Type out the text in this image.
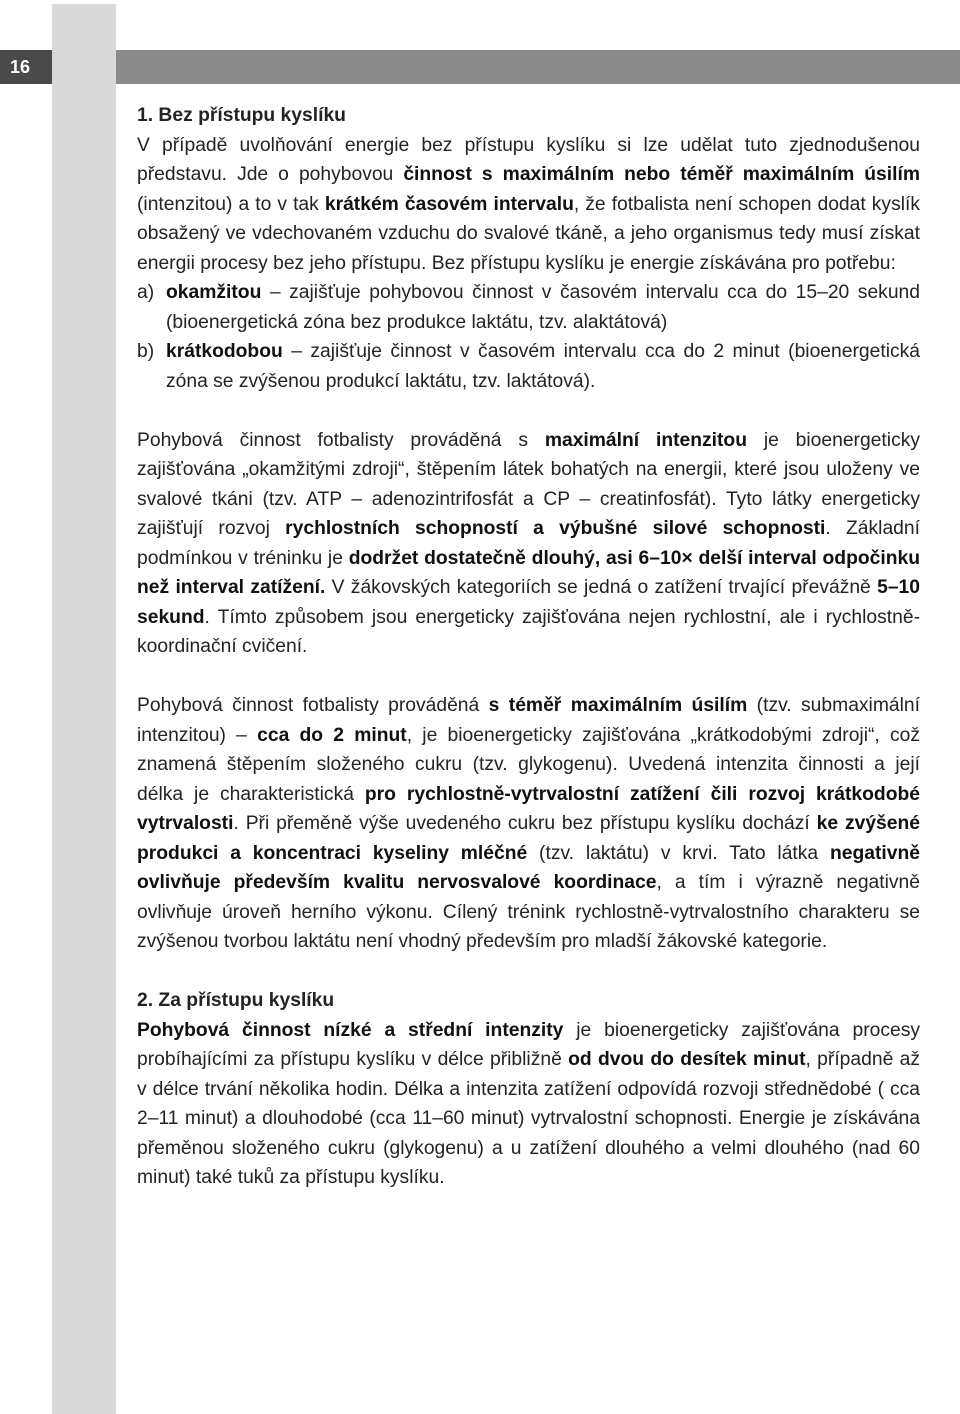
16
1. Bez přístupu kyslíku

V případě uvolňování energie bez přístupu kyslíku si lze udělat tuto zjednodušenou představu. Jde o pohybovou činnost s maximálním nebo téměř maximálním úsilím (intenzitou) a to v tak krátkém časovém intervalu, že fotbalista není schopen dodat kyslík obsažený ve vdechovaném vzduchu do svalové tkáně, a jeho organismus tedy musí získat energii procesy bez jeho přístupu. Bez přístupu kyslíku je energie získávána pro potřebu:

a) okamžitou – zajišťuje pohybovou činnost v časovém intervalu cca do 15–20 sekund (bioenergetická zóna bez produkce laktátu, tzv. alaktátová)
b) krátkodobou – zajišťuje činnost v časovém intervalu cca do 2 minut (bioenergetická zóna se zvýšenou produkcí laktátu, tzv. laktátová).

Pohybová činnost fotbalisty prováděná s maximální intenzitou je bioenergeticky zajišťována „okamžitými zdroji“, štěpením látek bohatých na energii, které jsou uloženy ve svalové tkáni (tzv. ATP – adenozintrifosfát a CP – creatinfosfát). Tyto látky energeticky zajišťují rozvoj rychlostních schopností a výbušné silové schopnosti. Základní podmínkou v tréninku je dodržet dostatečně dlouhý, asi 6–10× delší interval odpočinku než interval zatížení. V žákovských kategoriích se jedná o zatížení trvající převážně 5–10 sekund. Tímto způsobem jsou energeticky zajišťována nejen rychlostní, ale i rychlostně-koordinační cvičení.

Pohybová činnost fotbalisty prováděná s téměř maximálním úsilím (tzv. submaximální intenzitou) – cca do 2 minut, je bioenergeticky zajišťována „krátkodobými zdroji“, což znamená štěpením složeného cukru (tzv. glykogenu). Uvedená intenzita činnosti a její délka je charakteristická pro rychlostně-vytrvalostní zatížení čili rozvoj krátkodobé vytrvalosti. Při přeměně výše uvedeného cukru bez přístupu kyslíku dochází ke zvýšené produkci a koncentraci kyseliny mléčné (tzv. laktátu) v krvi. Tato látka negativně ovlivňuje především kvalitu nervosvalové koordinace, a tím i výrazně negativně ovlivňuje úroveň herního výkonu. Cílený trénink rychlostně-vytrvalostního charakteru se zvýšenou tvorbou laktátu není vhodný především pro mladší žákovské kategorie.

2. Za přístupu kyslíku

Pohybová činnost nízké a střední intenzity je bioenergeticky zajišťována procesy probíhajícími za přístupu kyslíku v délce přibližně od dvou do desítek minut, případně až v délce trvání několika hodin. Délka a intenzita zatížení odpovídá rozvoji střednědobé ( cca 2–11 minut) a dlouhodobé (cca 11–60 minut) vytrvalostní schopnosti. Energie je získávána přeměnou složeného cukru (glykogenu) a u zatížení dlouhého a velmi dlouhého (nad 60 minut) také tuků za přístupu kyslíku.
